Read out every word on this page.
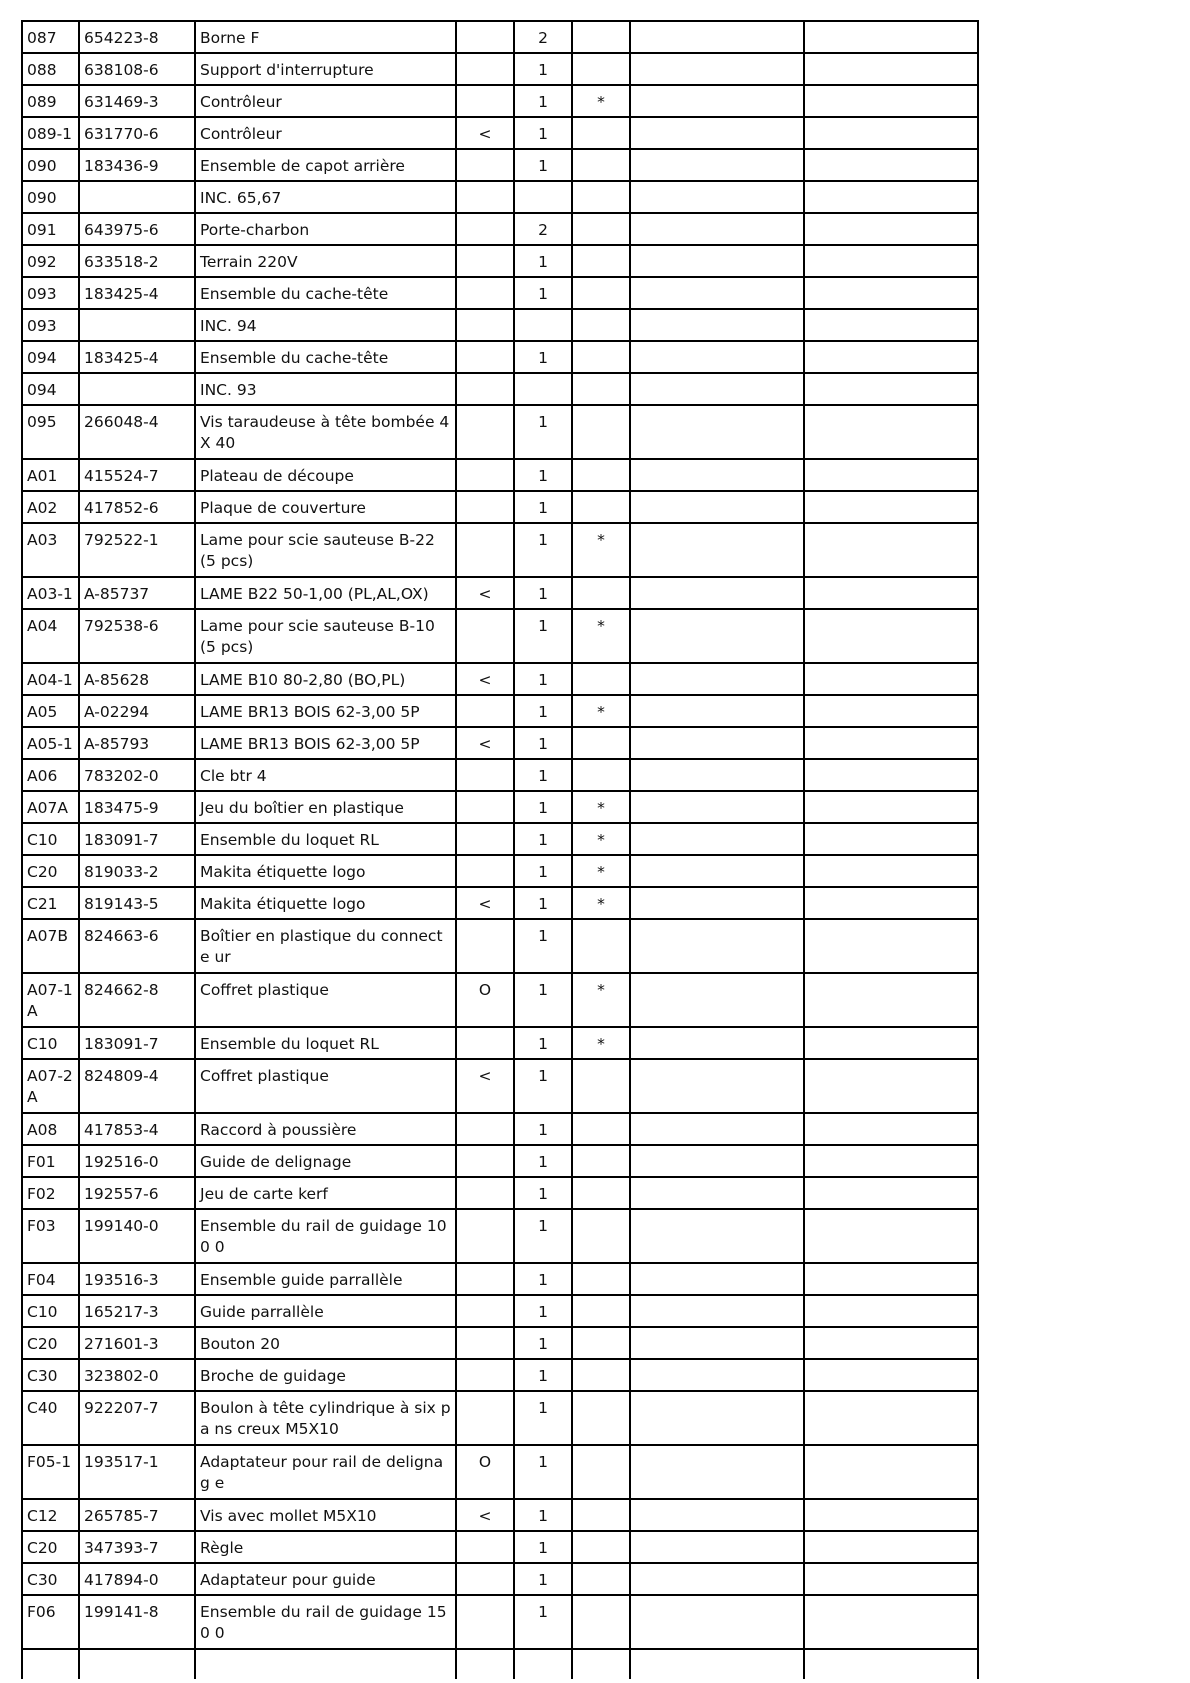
087	654223-8	Borne F		2			
088	638108-6	Support d'interrupture		1			
089	631469-3	Contrôleur		1	*		
089-1	631770-6	Contrôleur	<	1			
090	183436-9	Ensemble de capot arrière		1			
090		INC. 65,67					
091	643975-6	Porte-charbon		2			
092	633518-2	Terrain 220V		1			
093	183425-4	Ensemble du cache-tête		1			
093		INC. 94					
094	183425-4	Ensemble du cache-tête		1			
094		INC. 93					
095	266048-4	Vis taraudeuse à tête bombée 4X 40		1			
A01	415524-7	Plateau de découpe		1			
A02	417852-6	Plaque de couverture		1			
A03	792522-1	Lame pour scie sauteuse B-22 (5 pcs)		1	*		
A03-1	A-85737	LAME B22 50-1,00 (PL,AL,OX)	<	1			
A04	792538-6	Lame pour scie sauteuse B-10 (5 pcs)		1	*		
A04-1	A-85628	LAME B10 80-2,80 (BO,PL)	<	1			
A05	A-02294	LAME BR13 BOIS 62-3,00 5P		1	*		
A05-1	A-85793	LAME BR13 BOIS 62-3,00 5P	<	1			
A06	783202-0	Cle btr 4		1			
A07A	183475-9	Jeu du boîtier en plastique		1	*		
C10	183091-7	Ensemble du loquet RL		1	*		
C20	819033-2	Makita étiquette logo		1	*		
C21	819143-5	Makita étiquette logo	<	1	*		
A07B	824663-6	Boîtier en plastique du connecte ur		1			
A07-1 A	824662-8	Coffret plastique	O	1	*		
C10	183091-7	Ensemble du loquet RL		1	*		
A07-2 A	824809-4	Coffret plastique	<	1			
A08	417853-4	Raccord à poussière		1			
F01	192516-0	Guide de delignage		1			
F02	192557-6	Jeu de carte kerf		1			
F03	199140-0	Ensemble du rail de guidage 100 0		1			
F04	193516-3	Ensemble guide parrallèle		1			
C10	165217-3	Guide parrallèle		1			
C20	271601-3	Bouton 20		1			
C30	323802-0	Broche de guidage		1			
C40	922207-7	Boulon à tête cylindrique à six pa ns creux M5X10		1			
F05-1	193517-1	Adaptateur pour rail de delignag e	O	1			
C12	265785-7	Vis avec mollet M5X10	<	1			
C20	347393-7	Règle		1			
C30	417894-0	Adaptateur pour guide		1			
F06	199141-8	Ensemble du rail de guidage 150 0		1			
